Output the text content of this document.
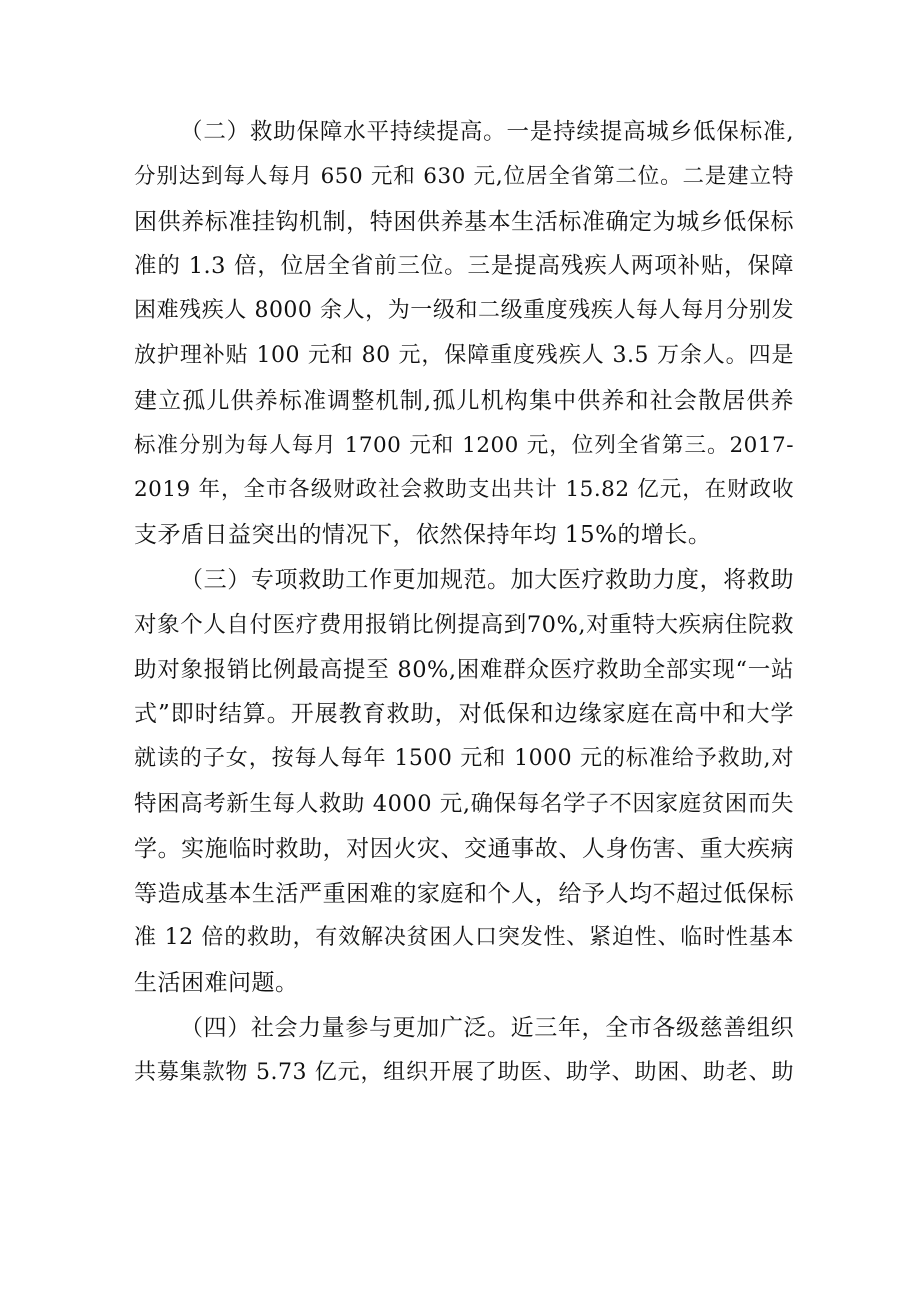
（二）救助保障水平持续提高。一是持续提高城乡低保标准,
分别达到每人每月 650 元和 630 元,位居全省第二位。二是建立特
困供养标准挂钩机制，特困供养基本生活标准确定为城乡低保标
准的 1.3 倍，位居全省前三位。三是提高残疾人两项补贴，保障
困难残疾人 8000 余人，为一级和二级重度残疾人每人每月分别发
放护理补贴 100 元和 80 元，保障重度残疾人 3.5 万余人。四是
建立孤儿供养标准调整机制,孤儿机构集中供养和社会散居供养
标准分别为每人每月 1700 元和 1200 元，位列全省第三。2017-
2019 年，全市各级财政社会救助支出共计 15.82 亿元，在财政收
支矛盾日益突出的情况下，依然保持年均 15%的增长。
（三）专项救助工作更加规范。加大医疗救助力度，将救助
对象个人自付医疗费用报销比例提高到70%,对重特大疾病住院救
助对象报销比例最高提至 80%,困难群众医疗救助全部实现“一站
式”即时结算。开展教育救助，对低保和边缘家庭在高中和大学
就读的子女，按每人每年 1500 元和 1000 元的标准给予救助,对
特困高考新生每人救助 4000 元,确保每名学子不因家庭贫困而失
学。实施临时救助，对因火灾、交通事故、人身伤害、重大疾病
等造成基本生活严重困难的家庭和个人，给予人均不超过低保标
准 12 倍的救助，有效解决贫困人口突发性、紧迫性、临时性基本
生活困难问题。
（四）社会力量参与更加广泛。近三年，全市各级慈善组织
共募集款物 5.73 亿元，组织开展了助医、助学、助困、助老、助
